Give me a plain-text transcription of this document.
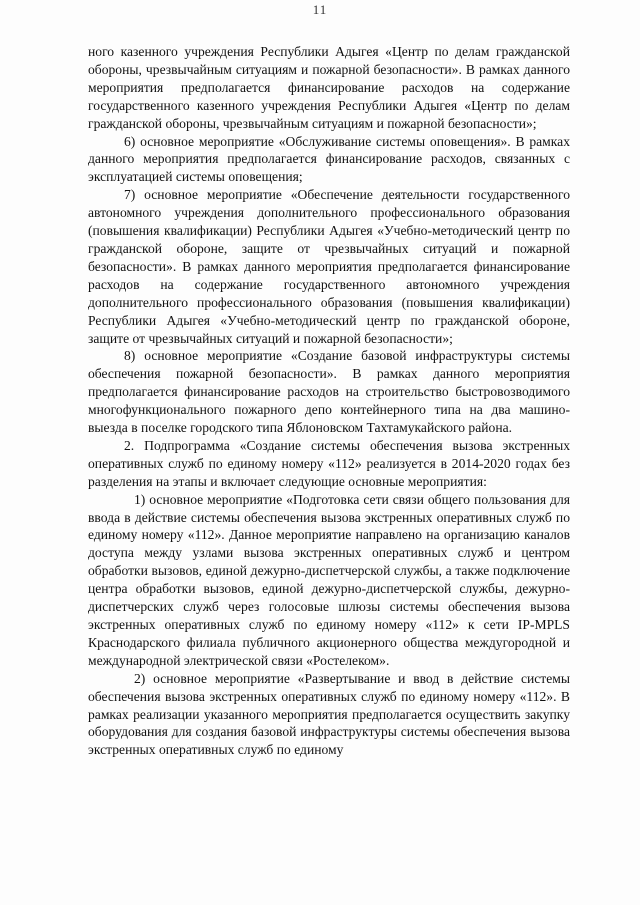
11

ного казенного учреждения Республики Адыгея «Центр по делам гражданской обороны, чрезвычайным ситуациям и пожарной безопасности». В рамках данного мероприятия предполагается финансирование расходов на содержание государственного казенного учреждения Республики Адыгея «Центр по делам гражданской обороны, чрезвычайным ситуациям и пожарной безопасности»;

6) основное мероприятие «Обслуживание системы оповещения». В рамках данного мероприятия предполагается финансирование расходов, связанных с эксплуатацией системы оповещения;

7) основное мероприятие «Обеспечение деятельности государственного автономного учреждения дополнительного профессионального образования (повышения квалификации) Республики Адыгея «Учебно-методический центр по гражданской обороне, защите от чрезвычайных ситуаций и пожарной безопасности». В рамках данного мероприятия предполагается финансирование расходов на содержание государственного автономного учреждения дополнительного профессионального образования (повышения квалификации) Республики Адыгея «Учебно-методический центр по гражданской обороне, защите от чрезвычайных ситуаций и пожарной безопасности»;

8) основное мероприятие «Создание базовой инфраструктуры системы обеспечения пожарной безопасности». В рамках данного мероприятия предполагается финансирование расходов на строительство быстровозводимого многофункционального пожарного депо контейнерного типа на два машино-выезда в поселке городского типа Яблоновском Тахтамукайского района.

2. Подпрограмма «Создание системы обеспечения вызова экстренных оперативных служб по единому номеру «112» реализуется в 2014-2020 годах без разделения на этапы и включает следующие основные мероприятия:

1) основное мероприятие «Подготовка сети связи общего пользования для ввода в действие системы обеспечения вызова экстренных оперативных служб по единому номеру «112». Данное мероприятие направлено на организацию каналов доступа между узлами вызова экстренных оперативных служб и центром обработки вызовов, единой дежурно-диспетчерской службы, а также подключение центра обработки вызовов, единой дежурно-диспетчерской службы, дежурно-диспетчерских служб через голосовые шлюзы системы обеспечения вызова экстренных оперативных служб по единому номеру «112» к сети IP-MPLS Краснодарского филиала публичного акционерного общества междугородной и международной электрической связи «Ростелеком».

2) основное мероприятие «Развертывание и ввод в действие системы обеспечения вызова экстренных оперативных служб по единому номеру «112». В рамках реализации указанного мероприятия предполагается осуществить закупку оборудования для создания базовой инфраструктуры системы обеспечения вызова экстренных оперативных служб по единому
